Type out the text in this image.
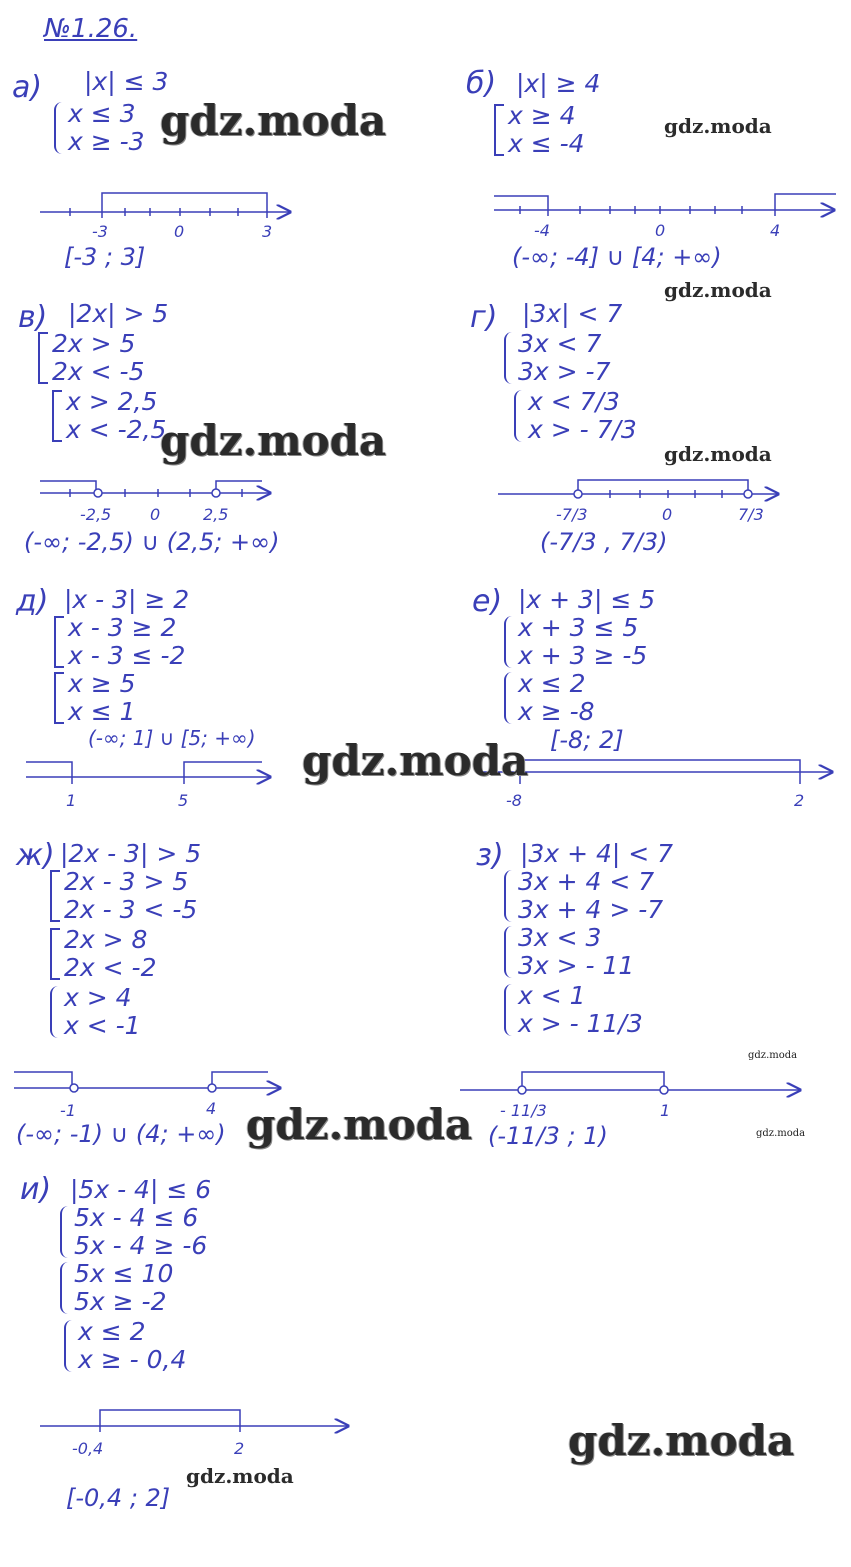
№1.26.
а) |x| ≤ 3
x ≤ 3
x ≥ -3
[-3 ; 3]
б) |x| ≥ 4
x ≥ 4
x ≤ -4
(-∞; -4] ∪ [4; +∞)
в) |2x| > 5
2x > 5
2x < -5
x > 2,5
x < -2,5
(-∞; -2,5) ∪ (2,5; +∞)
г) |3x| < 7
3x < 7
3x > -7
x < 7/3
x > - 7/3
(-7/3 , 7/3)
д) |x - 3| ≥ 2
x - 3 ≥ 2
x - 3 ≤ -2
x ≥ 5
x ≤ 1
(-∞; 1] ∪ [5; +∞)
е) |x + 3| ≤ 5
x + 3 ≤ 5
x + 3 ≥ -5
x ≤ 2
x ≥ -8
[-8; 2]
ж) |2x - 3| > 5
2x - 3 > 5
2x - 3 < -5
2x > 8
2x < -2
x > 4
x < -1
(-∞; -1) ∪ (4; +∞)
з) |3x + 4| < 7
3x + 4 < 7
3x + 4 > -7
3x < 3
3x > - 11
x < 1
x > - 11/3
(-11/3 ; 1)
и) |5x - 4| ≤ 6
5x - 4 ≤ 6
5x - 4 ≥ -6
5x ≤ 10
5x ≥ -2
x ≤ 2
x ≥ - 0,4
[-0,4 ; 2]
-3	0	3	-4	0	4
-2,5 0	2,5	-7/3	0	7/3
1	5	-8	2
-1	4	- 11/3	1
-0,4	2
gdz.moda	gdz.moda
gdz.moda
gdz.moda	gdz.moda
gdz.moda
gdz.moda
gdz.moda	gdz.moda
gdz.moda
gdz.moda
